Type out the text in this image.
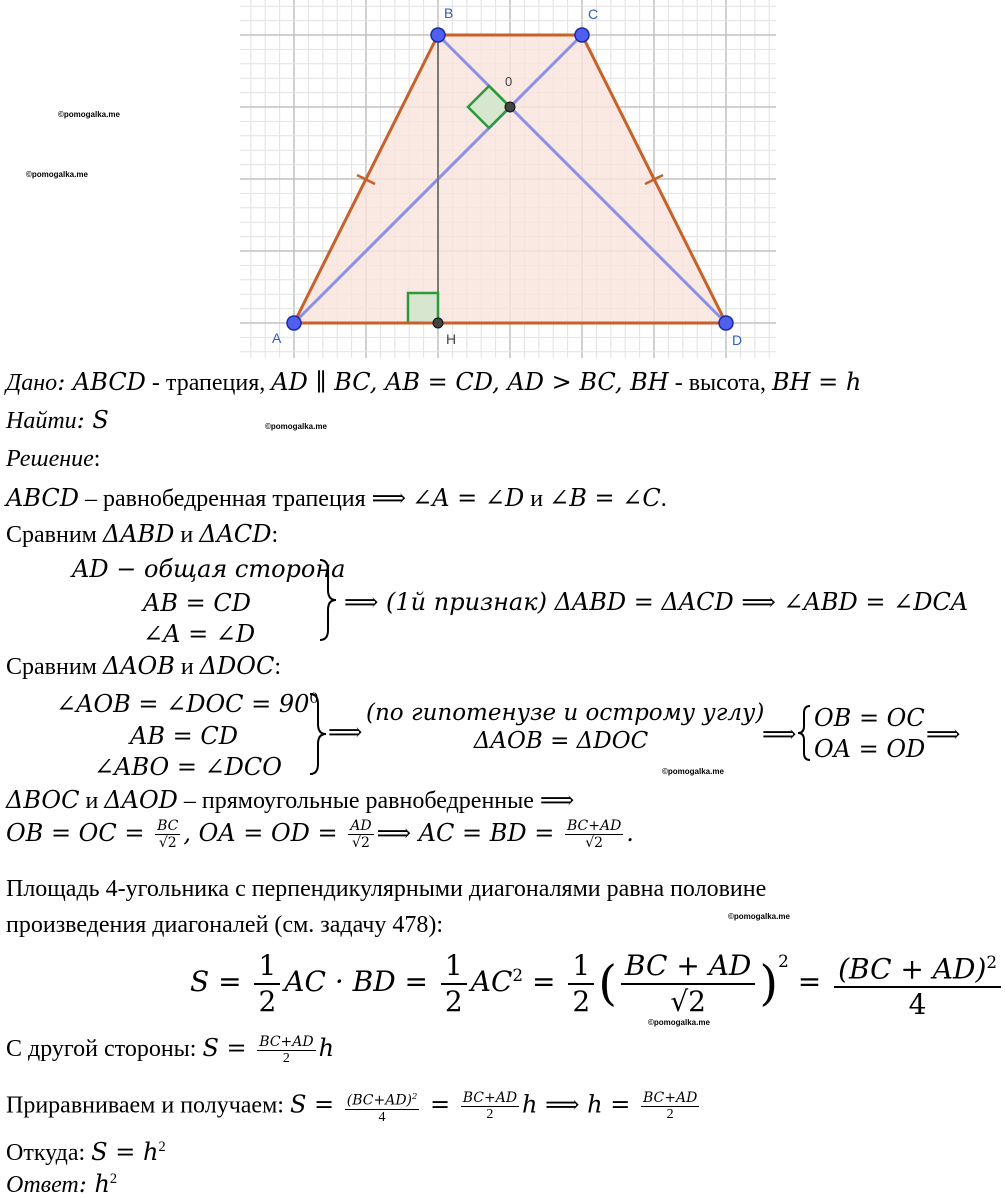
A
B	C
D
0
H
©pomogalka.me
©pomogalka.me
©pomogalka.me
©pomogalka.me
©pomogalka.me
©pomogalka.me
Дано: ABCD - трапеция, AD ∥ BC, AB = CD, AD > BC, BH - высота, BH = h
Найти: S
Решение:
ABCD – равнобедренная трапеция ⟹ ∠A = ∠D и ∠B = ∠C.
Сравним ΔABD и ΔACD:
AD − общая сторона
AB = CD
∠A = ∠D
⟹ (1й признак) ΔABD = ΔACD ⟹ ∠ABD = ∠DCA
Сравним ΔAOB и ΔDOC:
∠AOB = ∠DOC = $90^0$
AB = CD
∠ABO = ∠DCO
⟹
(по гипотенузе и острому углу)
ΔAOB = ΔDOC	⟹
OB = OC
OA = OD
⟹
ΔBOC и ΔAOD – прямоугольные равнобедренные ⟹
OB = OC = $\frac{BC}{√2}$ , OA = OD = $\frac{AD}{√2}$ ⟹ AC = BD = $\frac{BC+AD}{√2}$ .
Площадь 4-угольника с перпендикулярными диагоналями равна половине
произведения диагоналей (см. задачу 478):
$S = \frac{1}{2}$ AC · BD = $\frac{1}{2} AC^2 = \frac{1}{2}$ ( $\frac{BC + AD}{√2} )^2 = \frac{(BC + AD)^2}{4}$
С другой стороны: $S = \frac{BC+AD}{2}$ h
Приравниваем и получаем: $S = \frac{(BC+AD)^2}{4} = \frac{BC+AD}{2}$ h ⟹ $h = \frac{BC+AD}{2}$
Откуда: $S = h^2$
Ответ: $h^2$
